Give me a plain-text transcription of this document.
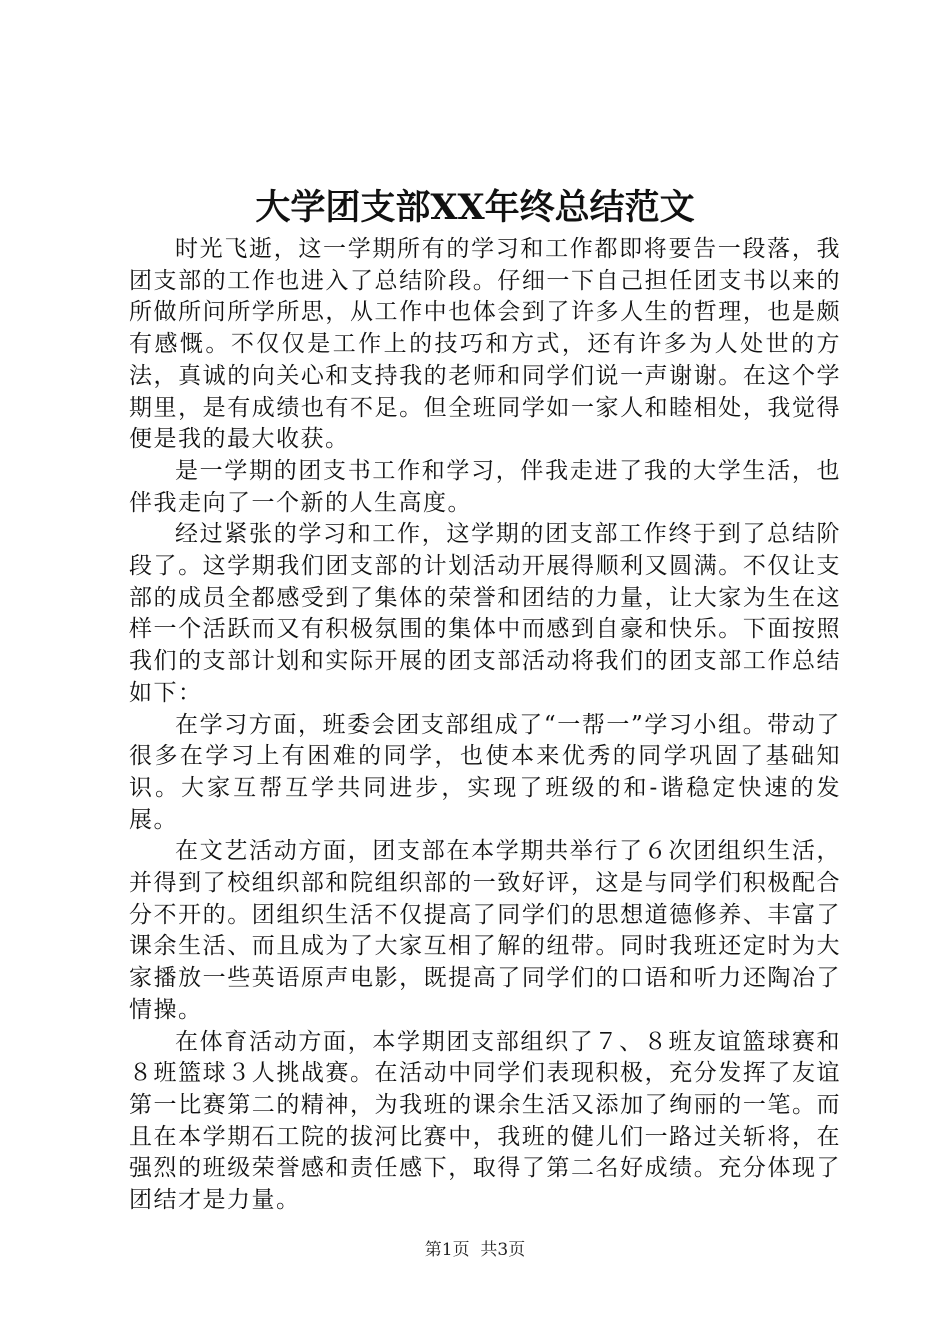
大学团支部XX年终总结范文

时光飞逝，这一学期所有的学习和工作都即将要告一段落，我团支部的工作也进入了总结阶段。仔细一下自己担任团支书以来的所做所问所学所思，从工作中也体会到了许多人生的哲理，也是颇有感慨。不仅仅是工作上的技巧和方式，还有许多为人处世的方法，真诚的向关心和支持我的老师和同学们说一声谢谢。在这个学期里，是有成绩也有不足。但全班同学如一家人和睦相处，我觉得便是我的最大收获。

是一学期的团支书工作和学习，伴我走进了我的大学生活，也伴我走向了一个新的人生高度。

经过紧张的学习和工作，这学期的团支部工作终于到了总结阶段了。这学期我们团支部的计划活动开展得顺利又圆满。不仅让支部的成员全都感受到了集体的荣誉和团结的力量，让大家为生在这样一个活跃而又有积极氛围的集体中而感到自豪和快乐。下面按照我们的支部计划和实际开展的团支部活动将我们的团支部工作总结如下：

在学习方面，班委会团支部组成了“一帮一”学习小组。带动了很多在学习上有困难的同学，也使本来优秀的同学巩固了基础知识。大家互帮互学共同进步，实现了班级的和-谐稳定快速的发展。

在文艺活动方面，团支部在本学期共举行了６次团组织生活，并得到了校组织部和院组织部的一致好评，这是与同学们积极配合分不开的。团组织生活不仅提高了同学们的思想道德修养、丰富了课余生活、而且成为了大家互相了解的纽带。同时我班还定时为大家播放一些英语原声电影，既提高了同学们的口语和听力还陶冶了情操。

在体育活动方面，本学期团支部组织了７、８班友谊篮球赛和８班篮球３人挑战赛。在活动中同学们表现积极，充分发挥了友谊第一比赛第二的精神，为我班的课余生活又添加了绚丽的一笔。而且在本学期石工院的拔河比赛中，我班的健儿们一路过关斩将，在强烈的班级荣誉感和责任感下，取得了第二名好成绩。充分体现了团结才是力量。

第1页  共3页
